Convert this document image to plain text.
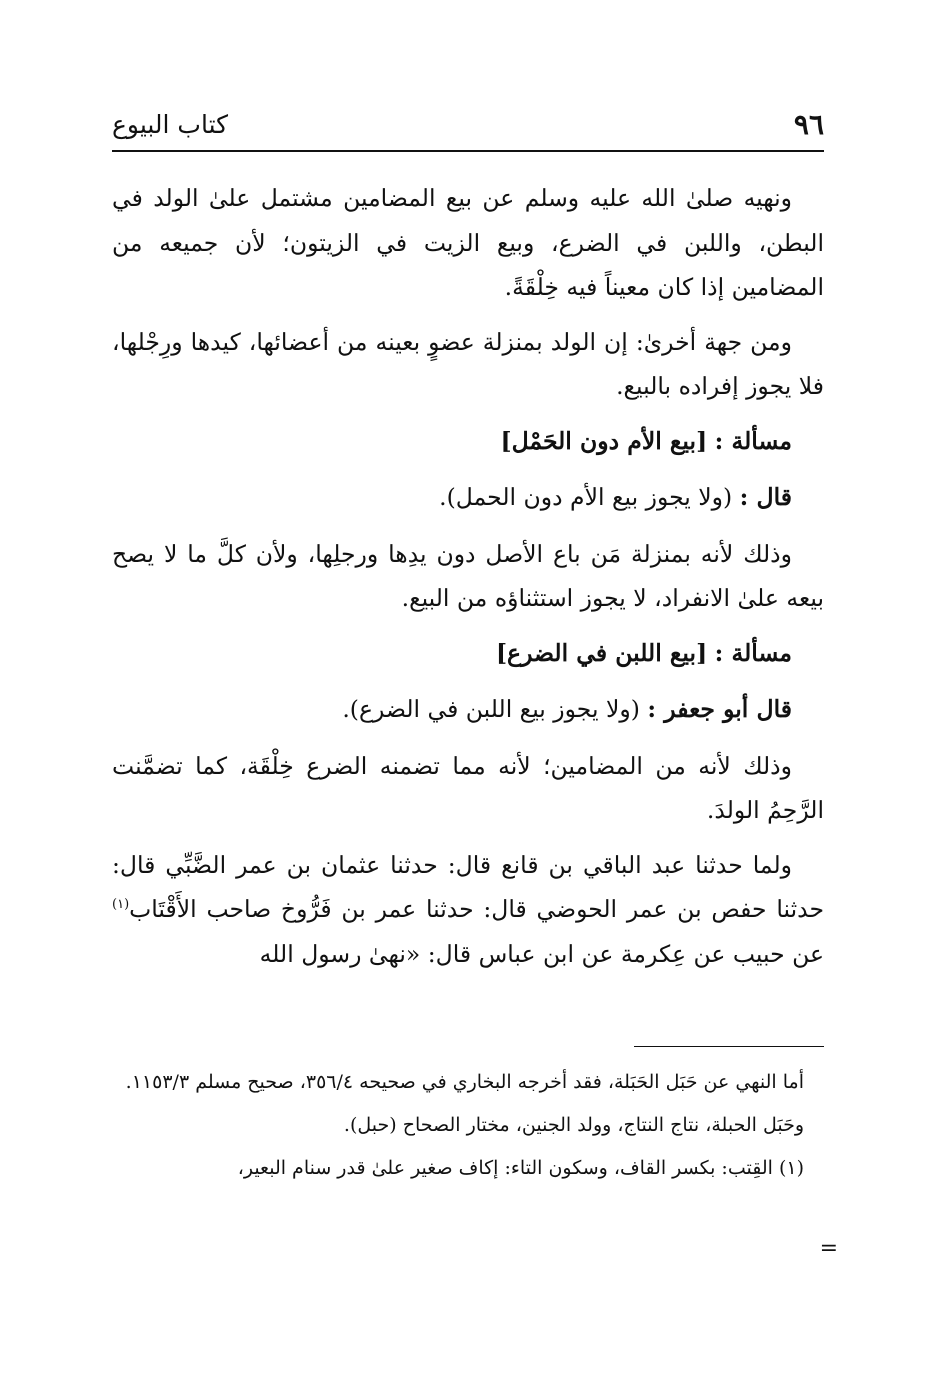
٩٦
كتاب البيوع

ونهيه صلىٰ الله عليه وسلم عن بيع المضامين مشتمل علىٰ الولد في البطن، واللبن في الضرع، وبيع الزيت في الزيتون؛ لأن جميعه من المضامين إذا كان معيناً فيه خِلْقَةً.

ومن جهة أخرىٰ: إن الولد بمنزلة عضوٍ بعينه من أعضائها، كيدها ورِجْلها، فلا يجوز إفراده بالبيع.

مسألة : [بيع الأم دون الحَمْل]

قال : (ولا يجوز بيع الأم دون الحمل).

وذلك لأنه بمنزلة مَن باع الأصل دون يدِها ورجلِها، ولأن كلَّ ما لا يصح بيعه علىٰ الانفراد، لا يجوز استثناؤه من البيع.

مسألة : [بيع اللبن في الضرع]

قال أبو جعفر : (ولا يجوز بيع اللبن في الضرع).

وذلك لأنه من المضامين؛ لأنه مما تضمنه الضرع خِلْقَة، كما تضمَّنت الرَّحِمُ الولدَ.

ولما حدثنا عبد الباقي بن قانع قال: حدثنا عثمان بن عمر الضَّبِّي قال: حدثنا حفص بن عمر الحوضي قال: حدثنا عمر بن فَرُّوخ صاحب الأَقْتَاب$^{(١)}$ عن حبيب عن عِكرمة عن ابن عباس قال: «نهىٰ رسول الله

أما النهي عن حَبَل الحَبَلة، فقد أخرجه البخاري في صحيحه ٣٥٦/٤، صحيح مسلم ١١٥٣/٣.

وحَبَل الحبلة، نتاج النتاج، وولد الجنين، مختار الصحاح (حبل).

(١) القِتب: بكسر القاف، وسكون التاء: إكاف صغير علىٰ قدر سنام البعير،

=
